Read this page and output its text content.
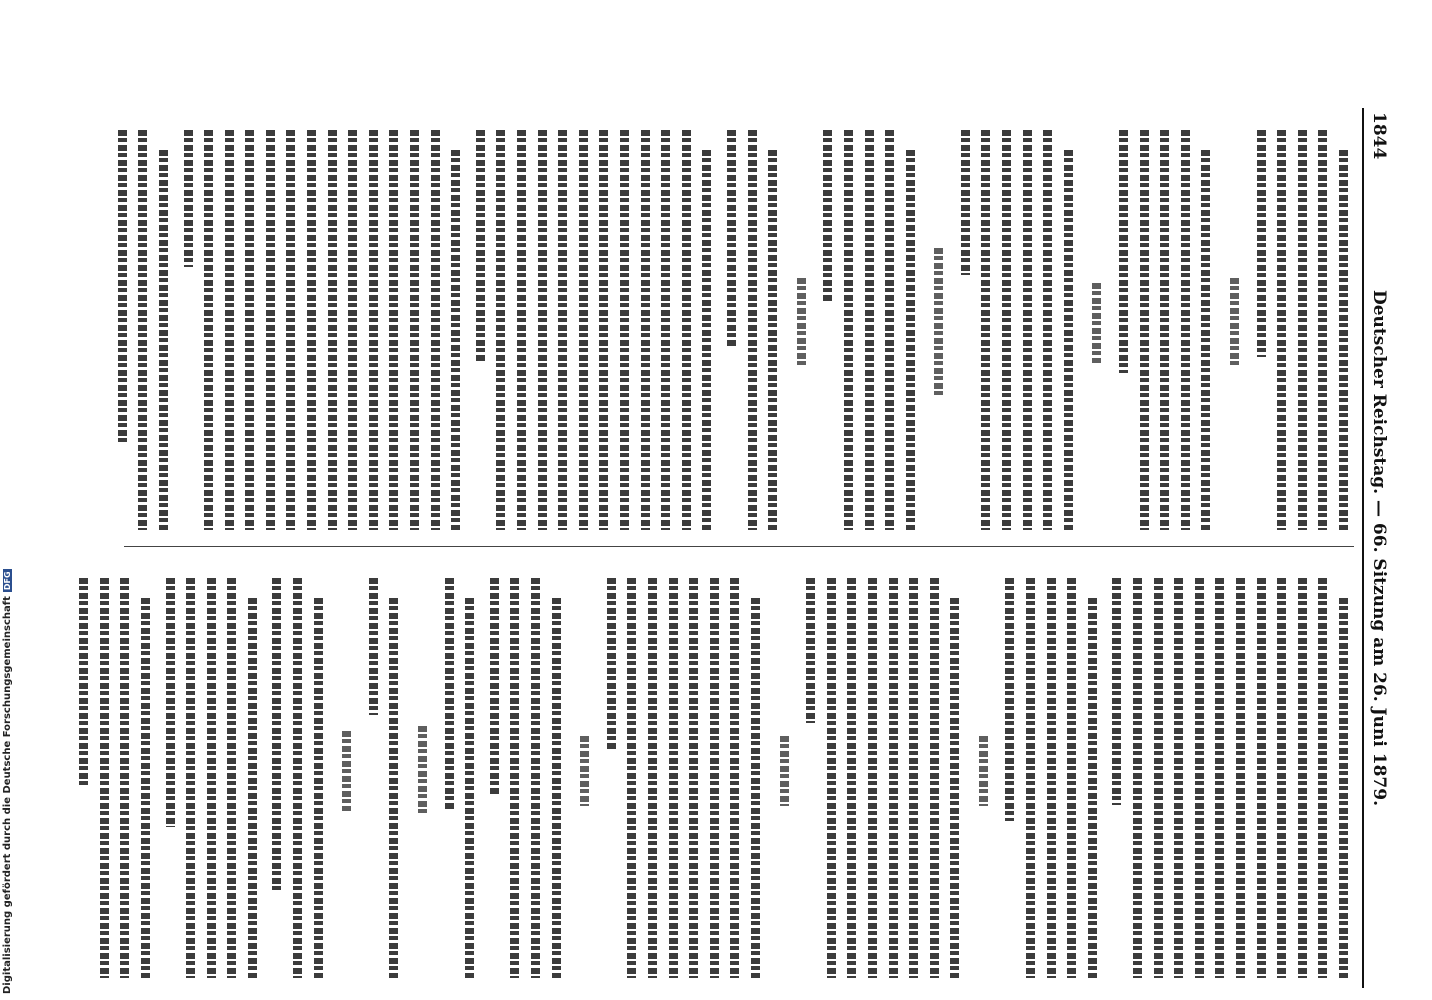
1844
Deutscher Reichstag. — 66. Sitzung am 26. Juni 1879.
Digitalisierung gefördert durch die Deutsche ForschungsgemeinschaftDFG
